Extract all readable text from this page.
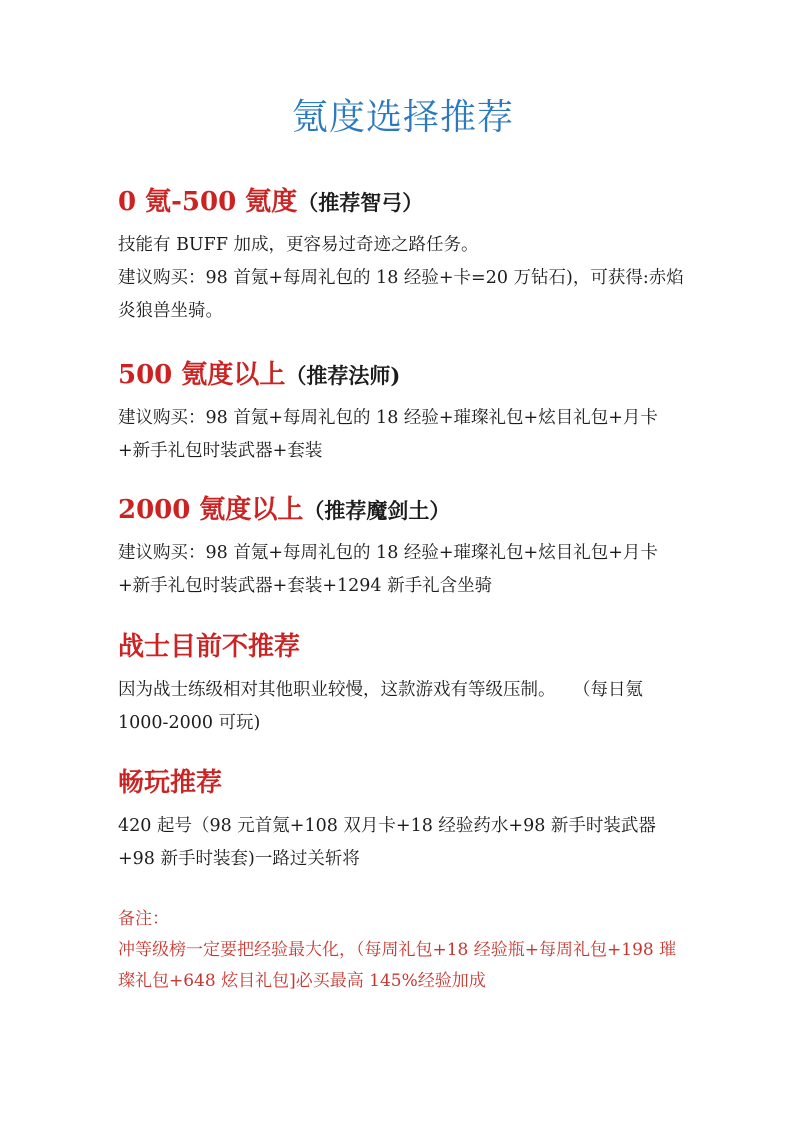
氪度选择推荐
0 氪-500 氪度（推荐智弓）

技能有 BUFF 加成，更容易过奇迹之路任务。

建议购买：98 首氪+每周礼包的 18 经验+卡=20 万钻石)，可获得:赤焰炎狼兽坐骑。

500 氪度以上（推荐法师)

建议购买：98 首氪+每周礼包的 18 经验+璀璨礼包+炫目礼包+月卡+新手礼包时装武器+套装

2000 氪度以上（推荐魔剑土）

建议购买：98 首氪+每周礼包的 18 经验+璀璨礼包+炫目礼包+月卡+新手礼包时装武器+套装+1294 新手礼含坐骑

战士目前不推荐

因为战士练级相对其他职业较慢，这款游戏有等级压制。　　（每日氪 1000-2000 可玩)

畅玩推荐

420 起号（98 元首氪+108 双月卡+18 经验药水+98 新手时装武器+98 新手时装套)一路过关斩将

备注：

冲等级榜一定要把经验最大化，（每周礼包+18 经验瓶+每周礼包+198 璀璨礼包+648 炫目礼包]必买最高 145%经验加成
